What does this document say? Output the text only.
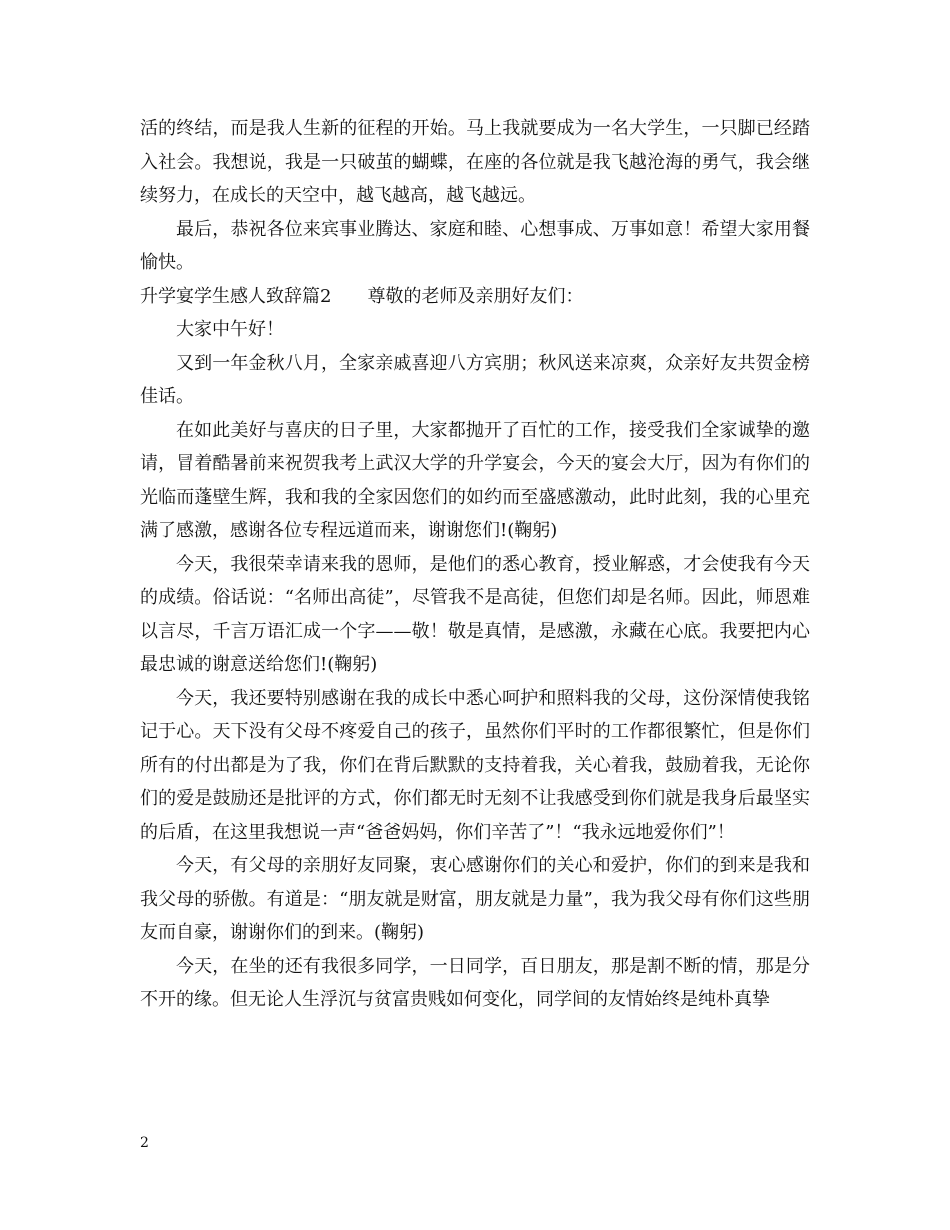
活的终结，而是我人生新的征程的开始。马上我就要成为一名大学生，一只脚已经踏入社会。我想说，我是一只破茧的蝴蝶，在座的各位就是我飞越沧海的勇气，我会继续努力，在成长的天空中，越飞越高，越飞越远。

最后，恭祝各位来宾事业腾达、家庭和睦、心想事成、万事如意！希望大家用餐愉快。

升学宴学生感人致辞篇2　　尊敬的老师及亲朋好友们：

大家中午好！

又到一年金秋八月，全家亲戚喜迎八方宾朋；秋风送来凉爽，众亲好友共贺金榜佳话。

在如此美好与喜庆的日子里，大家都抛开了百忙的工作，接受我们全家诚挚的邀请，冒着酷暑前来祝贺我考上武汉大学的升学宴会，今天的宴会大厅，因为有你们的光临而蓬壁生辉，我和我的全家因您们的如约而至盛感激动，此时此刻，我的心里充满了感激，感谢各位专程远道而来，谢谢您们!(鞠躬)

今天，我很荣幸请来我的恩师，是他们的悉心教育，授业解惑，才会使我有今天的成绩。俗话说：“名师出高徒”，尽管我不是高徒，但您们却是名师。因此，师恩难以言尽，千言万语汇成一个字——敬！敬是真情，是感激，永藏在心底。我要把内心最忠诚的谢意送给您们!(鞠躬)

今天，我还要特别感谢在我的成长中悉心呵护和照料我的父母，这份深情使我铭记于心。天下没有父母不疼爱自己的孩子，虽然你们平时的工作都很繁忙，但是你们所有的付出都是为了我，你们在背后默默的支持着我，关心着我，鼓励着我，无论你们的爱是鼓励还是批评的方式，你们都无时无刻不让我感受到你们就是我身后最坚实的后盾，在这里我想说一声“爸爸妈妈，你们辛苦了”！“我永远地爱你们”！

今天，有父母的亲朋好友同聚，衷心感谢你们的关心和爱护，你们的到来是我和我父母的骄傲。有道是：“朋友就是财富，朋友就是力量”，我为我父母有你们这些朋友而自豪，谢谢你们的到来。(鞠躬)

今天，在坐的还有我很多同学，一日同学，百日朋友，那是割不断的情，那是分不开的缘。但无论人生浮沉与贫富贵贱如何变化，同学间的友情始终是纯朴真挚

2
